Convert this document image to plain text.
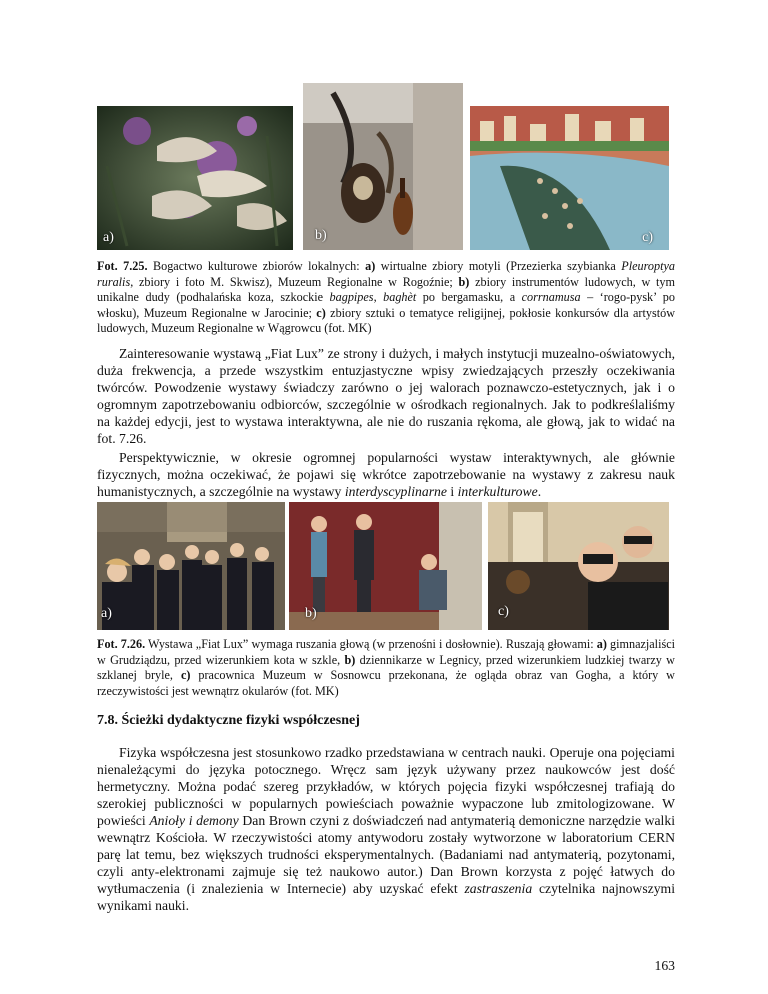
a)	b)	c)
Fot. 7.25. Bogactwo kulturowe zbiorów lokalnych: a) wirtualne zbiory motyli (Przezierka szybianka Pleuroptya ruralis, zbiory i foto M. Skwisz), Muzeum Regionalne w Rogoźnie; b) zbiory instrumentów ludowych, w tym unikalne dudy (podhalańska koza, szkockie bagpipes, baghèt po bergamasku, a corrnamusa – ‘rogo-pysk’ po włosku), Muzeum Regionalne w Jarocinie; c) zbiory sztuki o tematyce religijnej, pokłosie konkursów dla artystów ludowych, Muzeum Regionalne w Wągrowcu (fot. MK)

Zainteresowanie wystawą „Fiat Lux” ze strony i dużych, i małych instytucji muzealno-oświatowych, duża frekwencja, a przede wszystkim entuzjastyczne wpisy zwiedzających przeszły oczekiwania twórców. Powodzenie wystawy świadczy zarówno o jej walorach poznawczo-estetycznych, jak i o ogromnym zapotrzebowaniu odbiorców, szczególnie w ośrodkach regionalnych. Jak to podkreślaliśmy na każdej edycji, jest to wystawa interaktywna, ale nie do ruszania rękoma, ale głową, jak to widać na fot. 7.26.

Perspektywicznie, w okresie ogromnej popularności wystaw interaktywnych, ale głównie fizycznych, można oczekiwać, że pojawi się wkrótce zapotrzebowanie na wystawy z zakresu nauk humanistycznych, a szczególnie na wystawy interdyscyplinarne i interkulturowe.

a)	b)	c)
Fot. 7.26. Wystawa „Fiat Lux” wymaga ruszania głową (w przenośni i dosłownie). Ruszają głowami: a) gimnazjaliści w Grudziądzu, przed wizerunkiem kota w szkle, b) dziennikarze w Legnicy, przed wizerunkiem ludzkiej twarzy w szklanej bryle, c) pracownica Muzeum w Sosnowcu przekonana, że ogląda obraz van Gogha, a który w rzeczywistości jest wewnątrz okularów (fot. MK)
7.8. Ścieżki dydaktyczne fizyki współczesnej

Fizyka współczesna jest stosunkowo rzadko przedstawiana w centrach nauki. Operuje ona pojęciami nienależącymi do języka potocznego. Wręcz sam język używany przez naukowców jest dość hermetyczny. Można podać szereg przykładów, w których pojęcia fizyki współczesnej trafiają do szerokiej publiczności w popularnych powieściach poważnie wypaczone lub zmitologizowane. W powieści Anioły i demony Dan Brown czyni z doświadczeń nad antymaterią demoniczne narzędzie walki wewnątrz Kościoła. W rzeczywistości atomy antywodoru zostały wytworzone w laboratorium CERN parę lat temu, bez większych trudności eksperymentalnych. (Badaniami nad antymaterią, pozytonami, czyli anty-elektronami zajmuje się też naukowo autor.) Dan Brown korzysta z pojęć łatwych do wytłumaczenia (i znalezienia w Internecie) aby uzyskać efekt zastraszenia czytelnika najnowszymi wynikami nauki.

163
